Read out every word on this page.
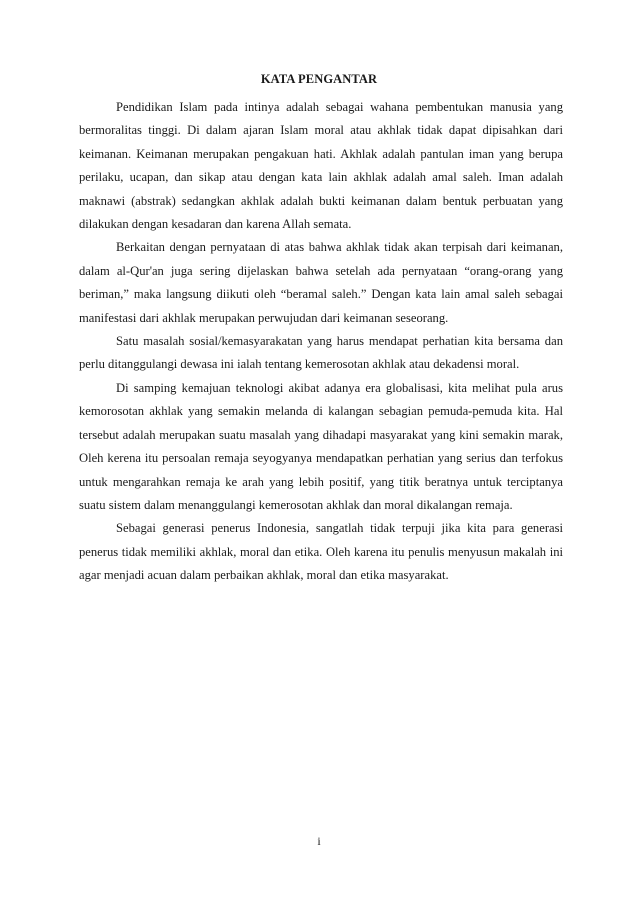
KATA PENGANTAR

Pendidikan Islam pada intinya adalah sebagai wahana pembentukan manusia yang bermoralitas tinggi. Di dalam ajaran Islam moral atau akhlak tidak dapat dipisahkan dari keimanan. Keimanan merupakan pengakuan hati. Akhlak adalah pantulan iman yang berupa perilaku, ucapan, dan sikap atau dengan kata lain akhlak adalah amal saleh. Iman adalah maknawi (abstrak) sedangkan akhlak adalah bukti keimanan dalam bentuk perbuatan yang dilakukan dengan kesadaran dan karena Allah semata.

Berkaitan dengan pernyataan di atas bahwa akhlak tidak akan terpisah dari keimanan, dalam al-Qur'an juga sering dijelaskan bahwa setelah ada pernyataan “orang-orang yang beriman,” maka langsung diikuti oleh “beramal saleh.” Dengan kata lain amal saleh sebagai manifestasi dari akhlak merupakan perwujudan dari keimanan seseorang.

Satu masalah sosial/kemasyarakatan yang harus mendapat perhatian kita bersama dan perlu ditanggulangi dewasa ini ialah tentang kemerosotan akhlak atau dekadensi moral.

Di samping kemajuan teknologi akibat adanya era globalisasi, kita melihat pula arus kemorosotan akhlak yang semakin melanda di kalangan sebagian pemuda-pemuda kita. Hal tersebut adalah merupakan suatu masalah yang dihadapi masyarakat yang kini semakin marak, Oleh kerena itu persoalan remaja seyogyanya mendapatkan perhatian yang serius dan terfokus untuk mengarahkan remaja ke arah yang lebih positif, yang titik beratnya untuk terciptanya suatu sistem dalam menanggulangi kemerosotan akhlak dan moral dikalangan remaja.

Sebagai generasi penerus Indonesia, sangatlah tidak terpuji jika kita para generasi penerus tidak memiliki akhlak, moral dan etika. Oleh karena itu penulis menyusun makalah ini agar menjadi acuan dalam perbaikan akhlak, moral dan etika masyarakat.

i
